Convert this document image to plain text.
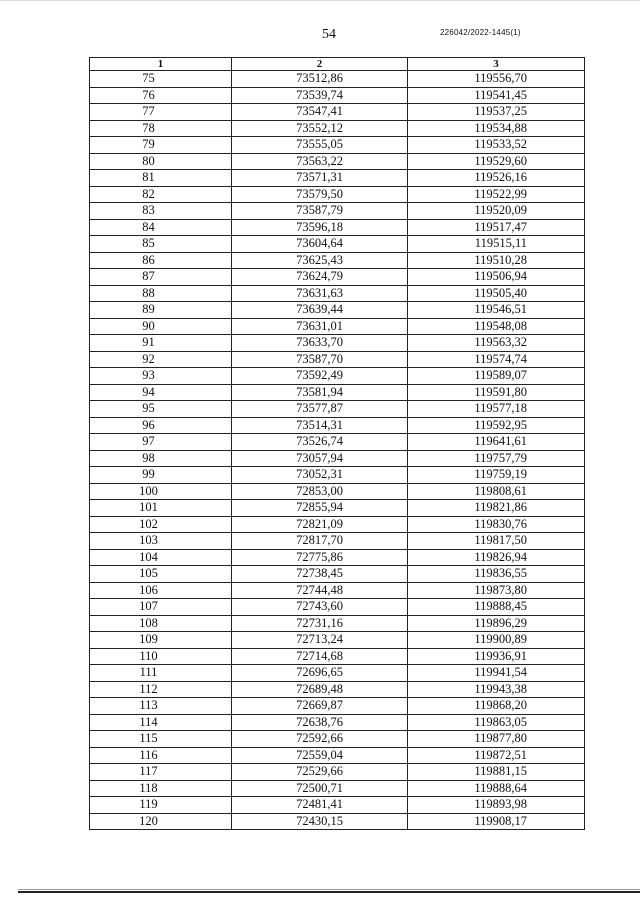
54	226042/2022-1445(1)
1	2	3
75	73512,86	119556,70
76	73539,74	119541,45
77	73547,41	119537,25
78	73552,12	119534,88
79	73555,05	119533,52
80	73563,22	119529,60
81	73571,31	119526,16
82	73579,50	119522,99
83	73587,79	119520,09
84	73596,18	119517,47
85	73604,64	119515,11
86	73625,43	119510,28
87	73624,79	119506,94
88	73631,63	119505,40
89	73639,44	119546,51
90	73631,01	119548,08
91	73633,70	119563,32
92	73587,70	119574,74
93	73592,49	119589,07
94	73581,94	119591,80
95	73577,87	119577,18
96	73514,31	119592,95
97	73526,74	119641,61
98	73057,94	119757,79
99	73052,31	119759,19
100	72853,00	119808,61
101	72855,94	119821,86
102	72821,09	119830,76
103	72817,70	119817,50
104	72775,86	119826,94
105	72738,45	119836,55
106	72744,48	119873,80
107	72743,60	119888,45
108	72731,16	119896,29
109	72713,24	119900,89
110	72714,68	119936,91
111	72696,65	119941,54
112	72689,48	119943,38
113	72669,87	119868,20
114	72638,76	119863,05
115	72592,66	119877,80
116	72559,04	119872,51
117	72529,66	119881,15
118	72500,71	119888,64
119	72481,41	119893,98
120	72430,15	119908,17
